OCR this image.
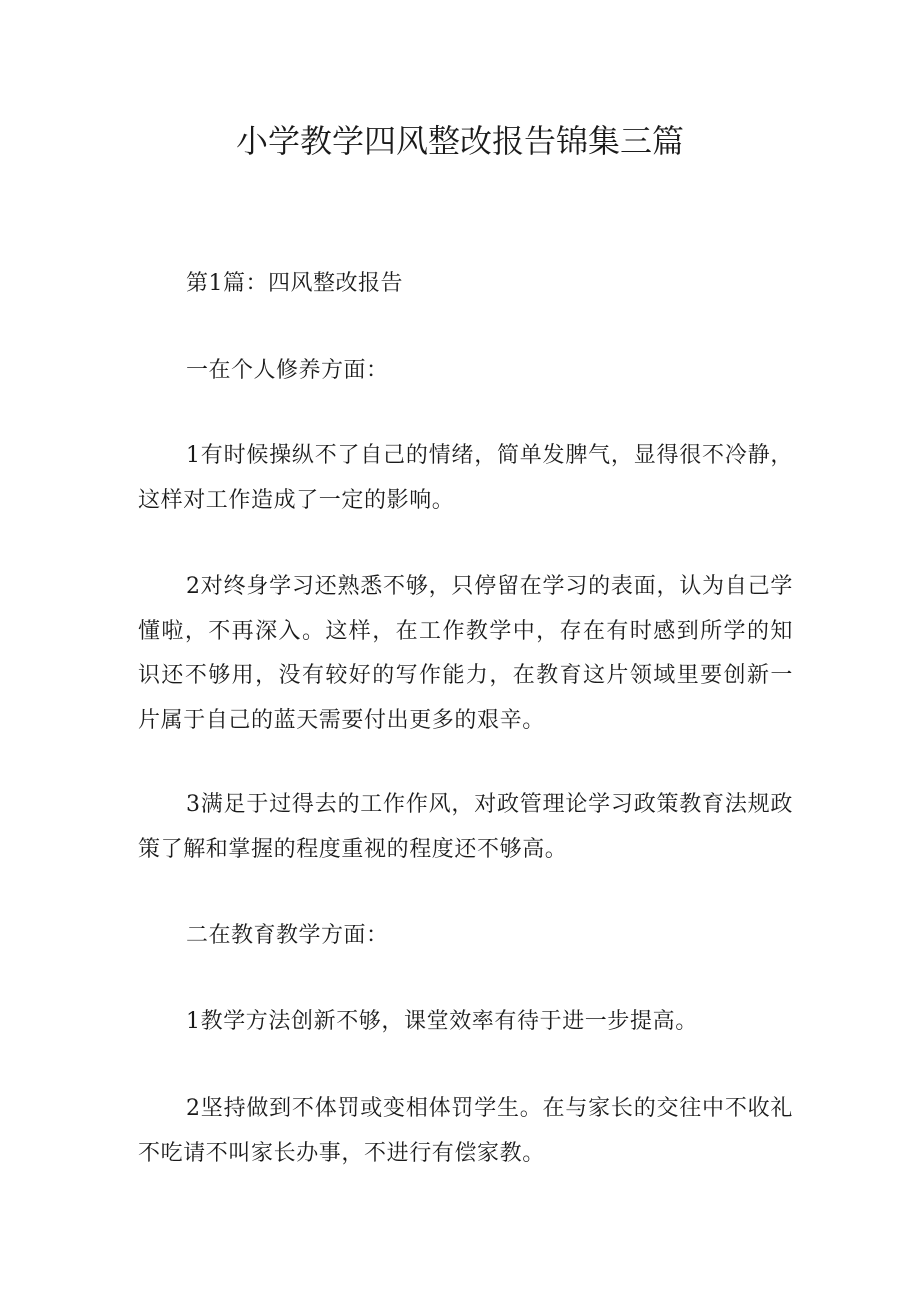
小学教学四风整改报告锦集三篇

第1篇：四风整改报告

一在个人修养方面：

1有时候操纵不了自己的情绪，简单发脾气，显得很不冷静，这样对工作造成了一定的影响。

2对终身学习还熟悉不够，只停留在学习的表面，认为自己学懂啦，不再深入。这样，在工作教学中，存在有时感到所学的知识还不够用，没有较好的写作能力，在教育这片领域里要创新一片属于自己的蓝天需要付出更多的艰辛。

3满足于过得去的工作作风，对政管理论学习政策教育法规政策了解和掌握的程度重视的程度还不够高。

二在教育教学方面：

1教学方法创新不够，课堂效率有待于进一步提高。

2坚持做到不体罚或变相体罚学生。在与家长的交往中不收礼不吃请不叫家长办事，不进行有偿家教。
